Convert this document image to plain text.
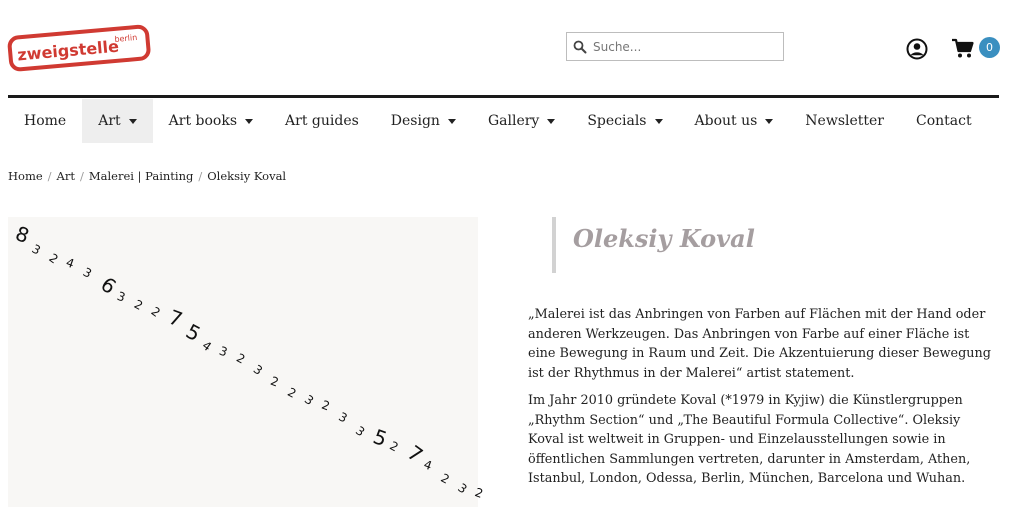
zweigstelle
berlin
Suche...
0
Home Art	Art books	Art guides Design	Gallery	Specials	About us	Newsletter Contact
Home / Art / Malerei | Painting / Oleksiy Koval
8
3
2 4
3 6
3
2 2 7
5
4 3 2
3
2
2 3 2
3
3 5
2 7
4
2
3 2
Oleksiy Koval

„Malerei ist das Anbringen von Farben auf Flächen mit der Hand oder anderen Werkzeugen. Das Anbringen von Farbe auf einer Fläche ist eine Bewegung in Raum und Zeit. Die Akzentuierung dieser Bewegung ist der Rhythmus in der Malerei“ artist statement.

Im Jahr 2010 gründete Koval (*1979 in Kyjiw) die Künstlergruppen „Rhythm Section“ und „The Beautiful Formula Collective“. Oleksiy Koval ist weltweit in Gruppen- und Einzelausstellungen sowie in öffentlichen Sammlungen vertreten, darunter in Amsterdam, Athen, Istanbul, London, Odessa, Berlin, München, Barcelona und Wuhan.
